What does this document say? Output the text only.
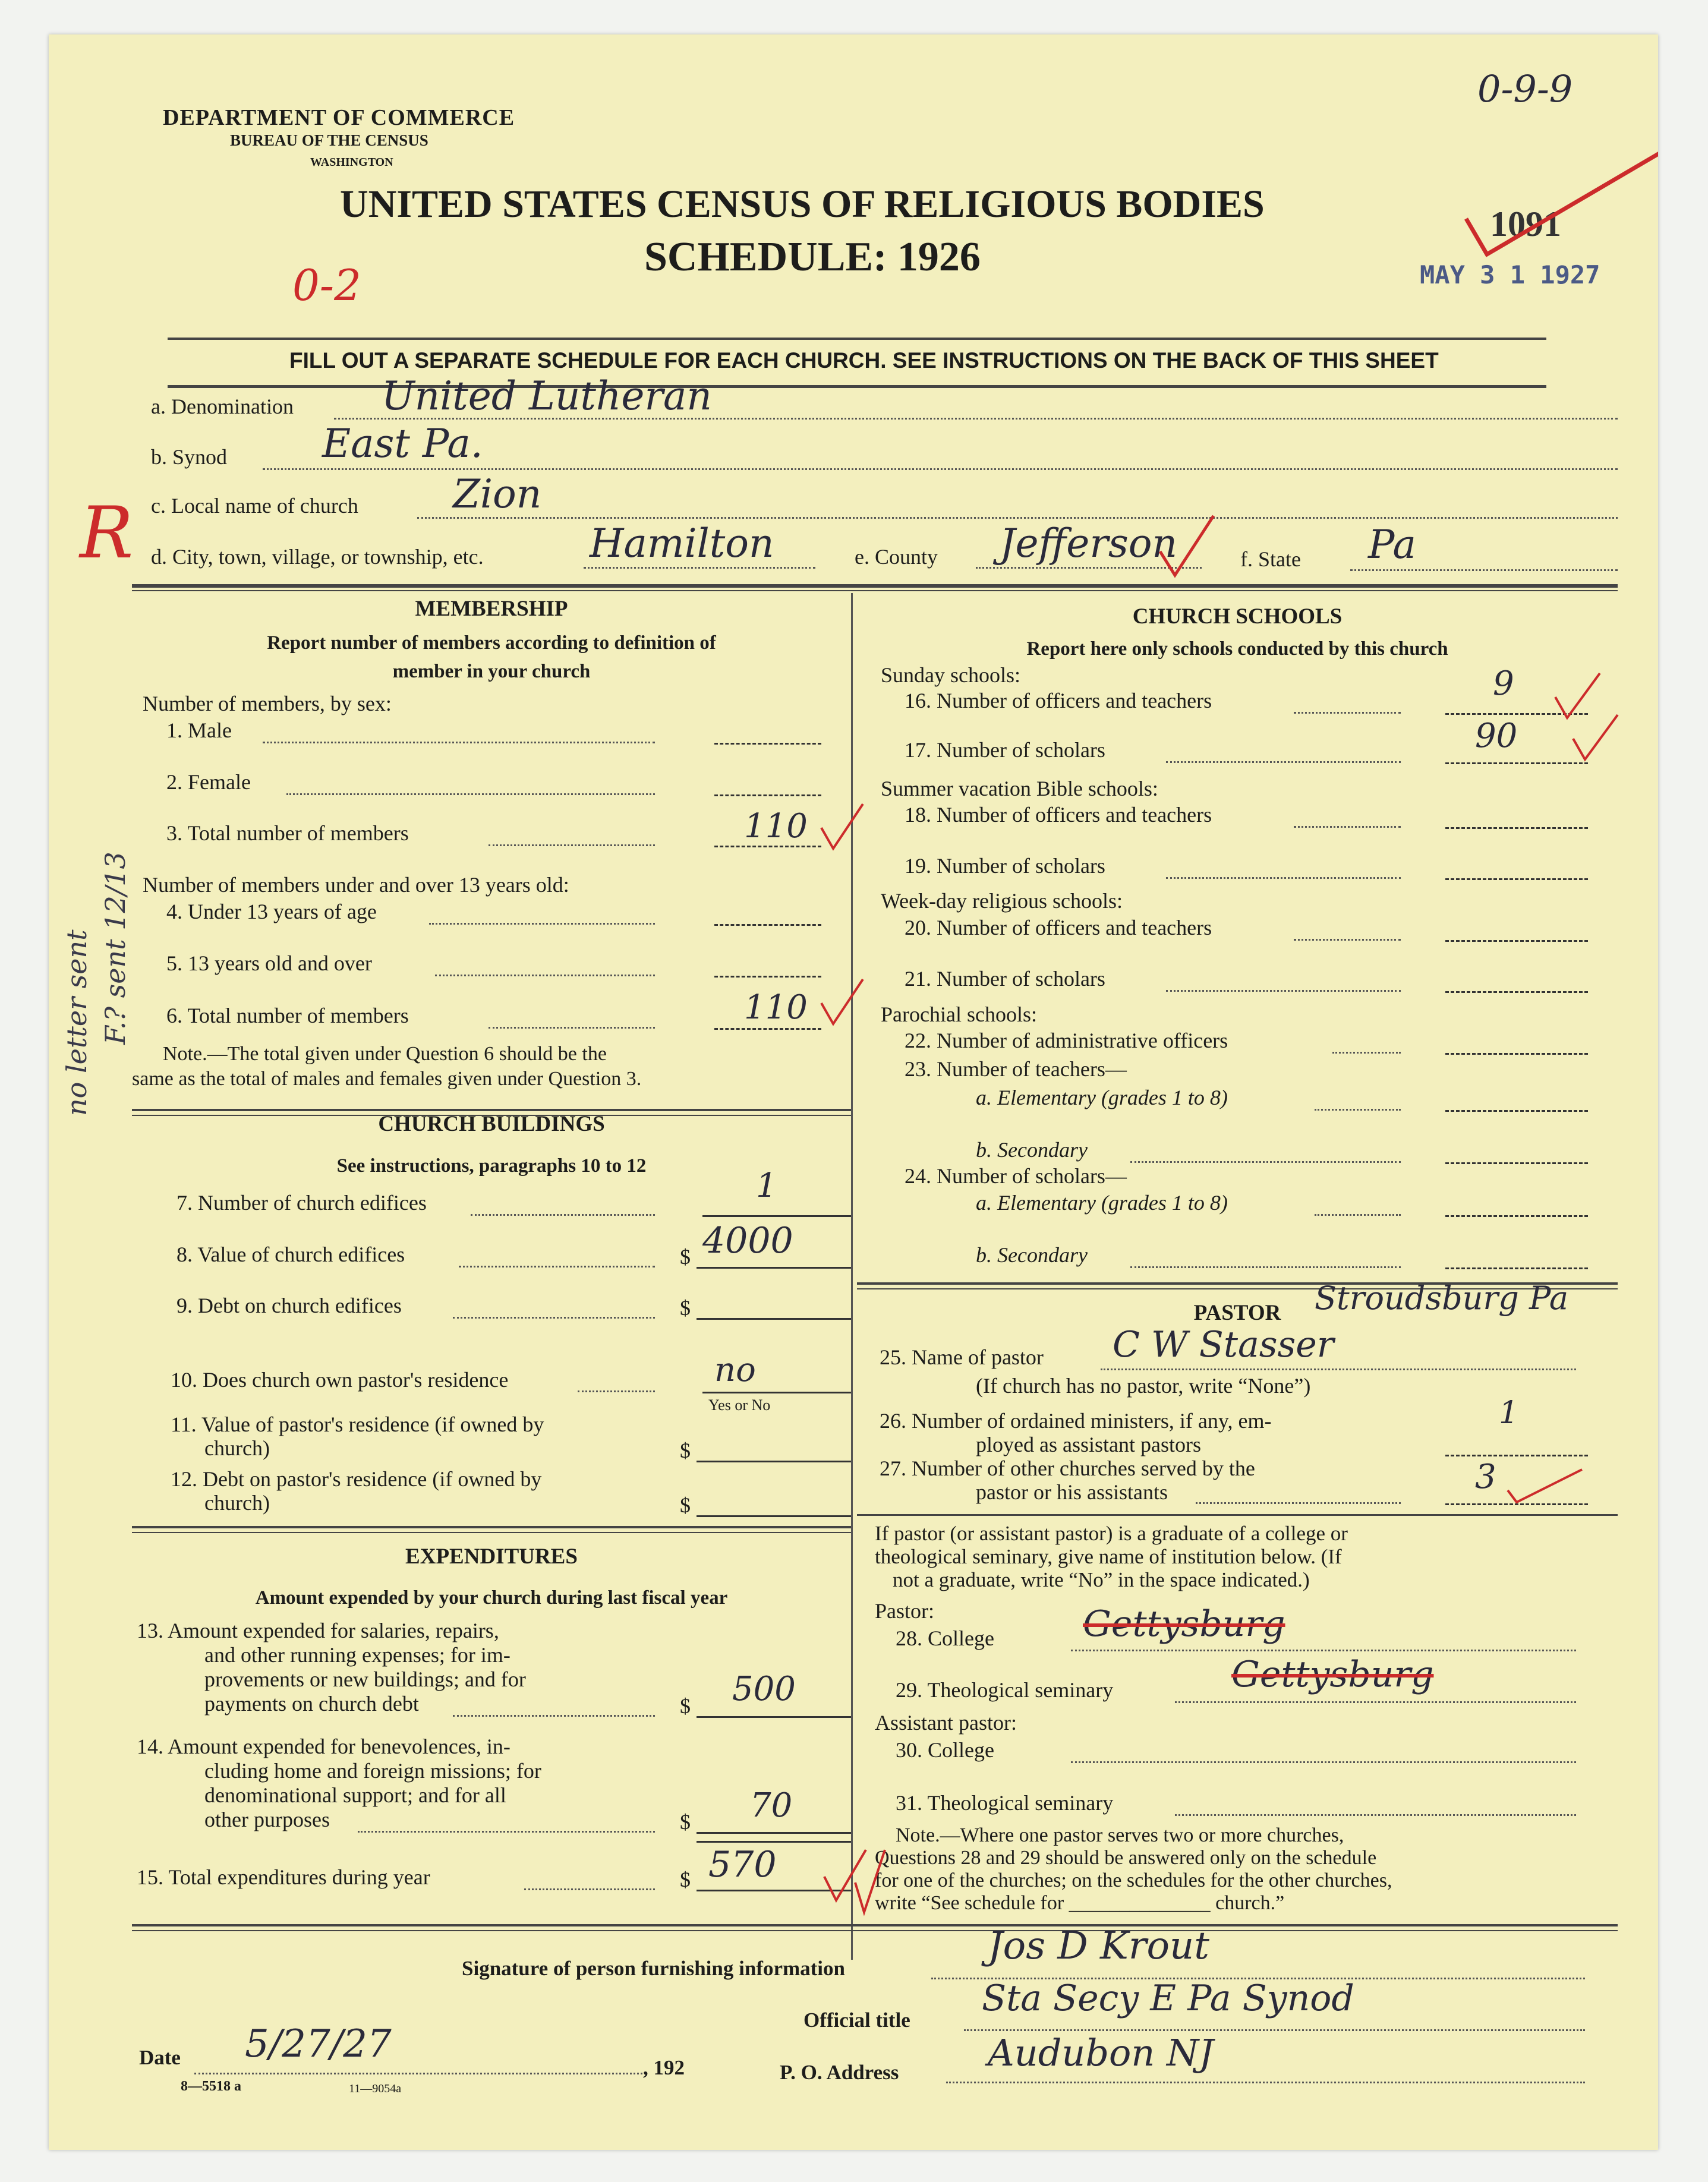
DEPARTMENT OF COMMERCE
BUREAU OF THE CENSUS
WASHINGTON
0-9-9
UNITED STATES CENSUS OF RELIGIOUS BODIES
SCHEDULE: 1926
1091
MAY 3 1 1927
0-2
R
FILL OUT A SEPARATE SCHEDULE FOR EACH CHURCH. SEE INSTRUCTIONS ON THE BACK OF THIS SHEET
a. Denomination United Lutheran
b. Synod East Pa.
c. Local name of church Zion
d. City, town, village, or township, etc.	Hamilton	e. County Jefferson	f. State Pa
no letter sent F.? sent 12/13
MEMBERSHIP
Report number of members according to definition of
member in your church
Number of members, by sex:
1. Male
2. Female
3. Total number of members	110
Number of members under and over 13 years old:
4. Under 13 years of age
5. 13 years old and over
6. Total number of members	110
Note.—The total given under Question 6 should be the
same as the total of males and females given under Question 3.
CHURCH BUILDINGS
See instructions, paragraphs 10 to 12
7. Number of church edifices	1
8. Value of church edifices	$ 4000
9. Debt on church edifices	$
10. Does church own pastor's residence	no
Yes or No
11. Value of pastor's residence (if owned by
church)	$
12. Debt on pastor's residence (if owned by
church)	$
EXPENDITURES
Amount expended by your church during last fiscal year
13. Amount expended for salaries, repairs,
and other running expenses; for im-
provements or new buildings; and for
payments on church debt	$ 500
14. Amount expended for benevolences, in-
cluding home and foreign missions; for
denominational support; and for all
other purposes	$ 70
15. Total expenditures during year	$ 570
CHURCH SCHOOLS
Report here only schools conducted by this church
Sunday schools:
16. Number of officers and teachers	9
17. Number of scholars	90
Summer vacation Bible schools:
18. Number of officers and teachers
19. Number of scholars
Week-day religious schools:
20. Number of officers and teachers
21. Number of scholars
Parochial schools:
22. Number of administrative officers
23. Number of teachers—
a. Elementary (grades 1 to 8)
b. Secondary
24. Number of scholars—
a. Elementary (grades 1 to 8)
b. Secondary
PASTOR	Stroudsburg Pa
25. Name of pastor C W Stasser
(If church has no pastor, write “None”)
26. Number of ordained ministers, if any, em-
ployed as assistant pastors
1
27. Number of other churches served by the
pastor or his assistants	3
If pastor (or assistant pastor) is a graduate of a college or
theological seminary, give name of institution below. (If
not a graduate, write “No” in the space indicated.)
Pastor:
28. College Gettysburg
29. Theological seminary	Gettysburg
Assistant pastor:
30. College
31. Theological seminary
Note.—Where one pastor serves two or more churches,
Questions 28 and 29 should be answered only on the schedule
for one of the churches; on the schedules for the other churches,
write “See schedule for ______________ church.”
Signature of person furnishing information
Jos D Krout
Official title
Sta Secy E Pa Synod
P. O. Address Audubon NJ
Date 5/27/27
, 192
8—5518 a	11—9054a
